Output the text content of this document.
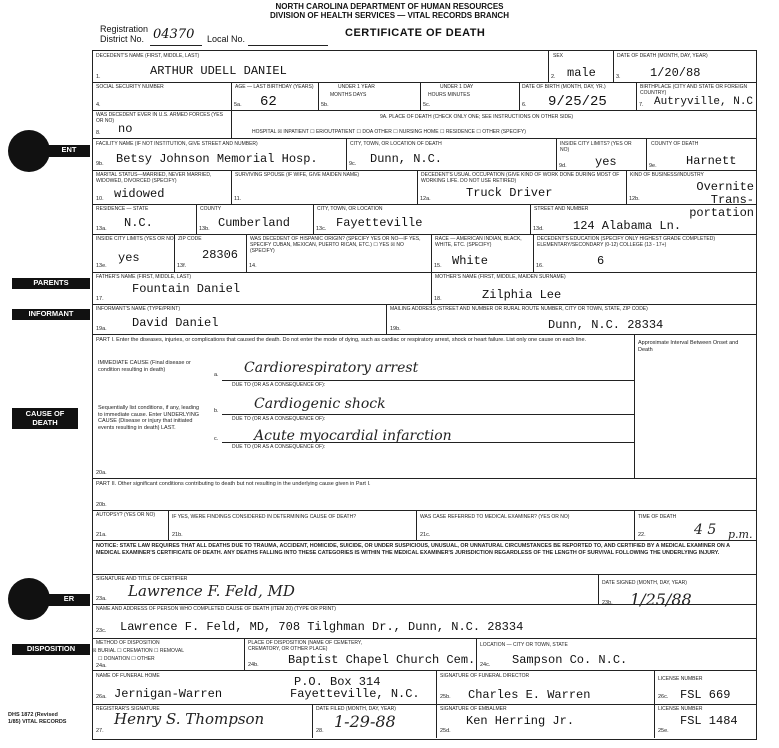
NORTH CAROLINA DEPARTMENT OF HUMAN RESOURCES
DIVISION OF HEALTH SERVICES — VITAL RECORDS BRANCH
Registration
District No. 04370 Local No.	CERTIFICATE OF DEATH
ENT
PARENTS
INFORMANT
CAUSE OF DEATH
ER
DISPOSITION
DECEDENT'S NAME (FIRST, MIDDLE, LAST)
ARTHUR UDELL DANIEL
1.
SEX
2. male
DATE OF DEATH (MONTH, DAY, YEAR)
3. 1/20/88
SOCIAL SECURITY NUMBER
4.
AGE — LAST BIRTHDAY (YEARS)
62
5a.
UNDER 1 YEAR
MONTHS DAYS
5b.
UNDER 1 DAY
HOURS MINUTES
5c.
DATE OF BIRTH (MONTH, DAY, YR.)
6. 9/25/25
BIRTHPLACE (CITY AND STATE OR FOREIGN COUNTRY)
7. Autryville, N.C
WAS DECEDENT EVER IN U.S. ARMED FORCES (YES OR NO)
no
8.
9A. PLACE OF DEATH (CHECK ONLY ONE; SEE INSTRUCTIONS ON OTHER SIDE)
HOSPITAL ☒ INPATIENT ☐ ER/OUTPATIENT ☐ DOA OTHER ☐ NURSING HOME ☐ RESIDENCE ☐ OTHER (SPECIFY)
FACILITY NAME (IF NOT INSTITUTION, GIVE STREET AND NUMBER)
9b. Betsy Johnson Memorial Hosp.
CITY, TOWN, OR LOCATION OF DEATH
9c. Dunn, N.C.
INSIDE CITY LIMITS? (YES OR NO)
9d. yes
COUNTY OF DEATH
9e. Harnett
MARITAL STATUS—MARRIED, NEVER MARRIED, WIDOWED, DIVORCED (SPECIFY)
10. widowed
SURVIVING SPOUSE (IF WIFE, GIVE MAIDEN NAME)
11.
DECEDENT'S USUAL OCCUPATION (GIVE KIND OF WORK DONE DURING MOST OF WORKING LIFE. DO NOT USE RETIRED)
12a.	Truck Driver
KIND OF BUSINESS/INDUSTRY
12b.
Overnite Trans-portation
RESIDENCE — STATE
13a. N.C.
COUNTY
13b. Cumberland
CITY, TOWN, OR LOCATION
13c. Fayetteville
STREET AND NUMBER
13d. 124 Alabama Ln.
INSIDE CITY LIMITS (YES OR NO)
13e.
yes
ZIP CODE
13f.
28306
WAS DECEDENT OF HISPANIC ORIGIN? (SPECIFY YES OR NO—IF YES, SPECIFY CUBAN, MEXICAN, PUERTO RICAN, ETC.) ☐ YES ☒ NO (SPECIFY)
14.
RACE — AMERICAN INDIAN, BLACK, WHITE, ETC. (SPECIFY)
15. White
DECEDENT'S EDUCATION (SPECIFY ONLY HIGHEST GRADE COMPLETED) ELEMENTARY/SECONDARY (0-12) COLLEGE (13 - 17+)
16.	6
FATHER'S NAME (FIRST, MIDDLE, LAST)
17.
Fountain Daniel
MOTHER'S NAME (FIRST, MIDDLE, MAIDEN SURNAME)
18.	Zilphia Lee
INFORMANT'S NAME (TYPE/PRINT)
19a. David Daniel
MAILING ADDRESS (STREET AND NUMBER OR RURAL ROUTE NUMBER, CITY OR TOWN, STATE, ZIP CODE)
19b.	Dunn, N.C. 28334
PART I. Enter the diseases, injuries, or complications that caused the death. Do not enter the mode of dying, such as cardiac or respiratory arrest, shock or heart failure. List only one cause on each line.	Approximate Interval Between Onset and Death
IMMEDIATE CAUSE (Final disease or condition resulting in death)
Sequentially list conditions, if any, leading to immediate cause. Enter UNDERLYING CAUSE (Disease or injury that initiated events resulting in death) LAST.
a.
b.
c.
20a.
Cardiorespiratory arrest
DUE TO (OR AS A CONSEQUENCE OF):
Cardiogenic shock
DUE TO (OR AS A CONSEQUENCE OF):
Acute myocardial infarction
DUE TO (OR AS A CONSEQUENCE OF):
PART II. Other significant conditions contributing to death but not resulting in the underlying cause given in Part I.
20b.
AUTOPSY? (YES OR NO)
21a.
IF YES, WERE FINDINGS CONSIDERED IN DETERMINING CAUSE OF DEATH?
21b.
WAS CASE REFERRED TO MEDICAL EXAMINER? (YES OR NO)
21c.
TIME OF DEATH
22.	4 5 p.m.
NOTICE: STATE LAW REQUIRES THAT ALL DEATHS DUE TO TRAUMA, ACCIDENT, HOMICIDE, SUICIDE, OR UNDER SUSPICIOUS, UNUSUAL, OR UNNATURAL CIRCUMSTANCES BE REPORTED TO, AND CERTIFIED BY A MEDICAL EXAMINER ON A MEDICAL EXAMINER'S CERTIFICATE OF DEATH. ANY DEATHS FALLING INTO THESE CATEGORIES IS WITHIN THE MEDICAL EXAMINER'S JURISDICTION REGARDLESS OF THE LENGTH OF SURVIVAL FOLLOWING THE UNDERLYING INJURY.
SIGNATURE AND TITLE OF CERTIFIER
23a. Lawrence F. Feld, MD	DATE SIGNED (MONTH, DAY, YEAR)
23b. 1/25/88
NAME AND ADDRESS OF PERSON WHO COMPLETED CAUSE OF DEATH (ITEM 20) (TYPE OR PRINT)
23c. Lawrence F. Feld, MD, 708 Tilghman Dr., Dunn, N.C. 28334
METHOD OF DISPOSITION
☒ BURIAL ☐ CREMATION ☐ REMOVAL
☐ DONATION ☐ OTHER
24a.
PLACE OF DISPOSITION (NAME OF CEMETERY, CREMATORY, OR OTHER PLACE)
24b. Baptist Chapel Church Cem.
LOCATION — CITY OR TOWN, STATE
24c. Sampson Co. N.C.
NAME OF FUNERAL HOME
26a. Jernigan-Warren
P.O. Box 314
Fayetteville, N.C.
SIGNATURE OF FUNERAL DIRECTOR
25b. Charles E. Warren
LICENSE NUMBER
26c. FSL 669
REGISTRAR'S SIGNATURE
27.
Henry S. Thompson
DATE FILED (MONTH, DAY, YEAR)
28. 1-29-88
SIGNATURE OF EMBALMER
25d.
Ken Herring Jr.
LICENSE NUMBER
25e.
FSL 1484
DHS 1872 (Revised 1/85) VITAL RECORDS
